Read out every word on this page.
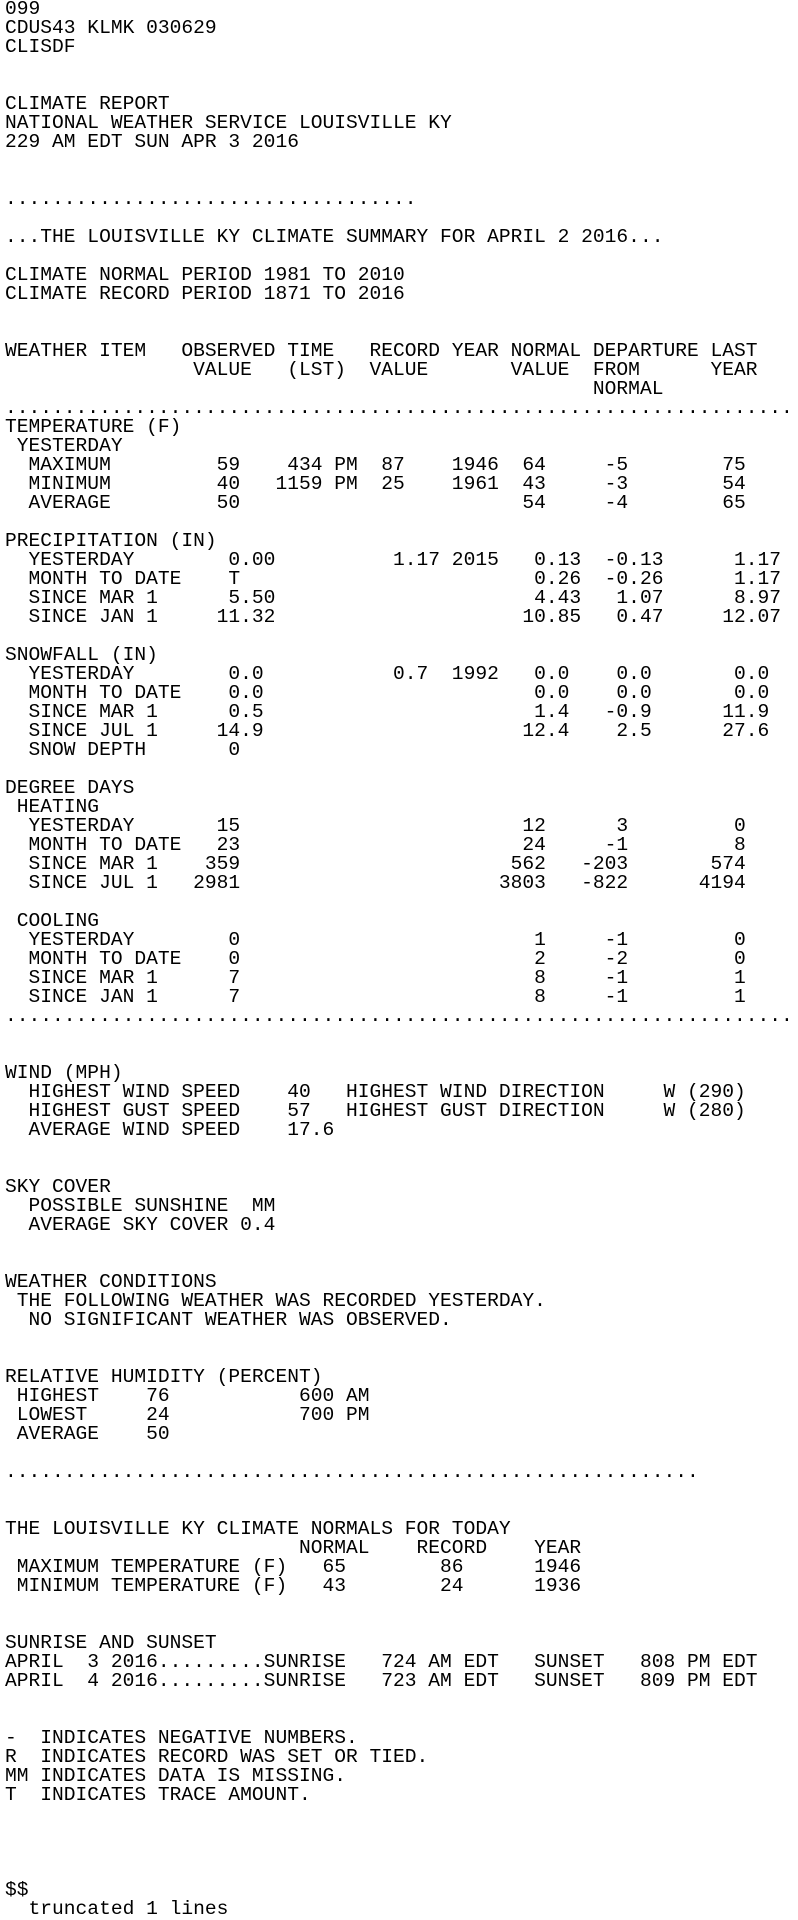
099
CDUS43 KLMK 030629
CLISDF
CLIMATE REPORT
NATIONAL WEATHER SERVICE LOUISVILLE KY
229 AM EDT SUN APR 3 2016
...................................
...THE LOUISVILLE KY CLIMATE SUMMARY FOR APRIL 2 2016...
CLIMATE NORMAL PERIOD 1981 TO 2010
CLIMATE RECORD PERIOD 1871 TO 2016
WEATHER ITEM   OBSERVED TIME   RECORD YEAR NORMAL DEPARTURE LAST
VALUE   (LST)  VALUE       VALUE  FROM      YEAR
NORMAL
...................................................................
TEMPERATURE (F)
YESTERDAY
MAXIMUM         59    434 PM  87    1946  64     -5        75
MINIMUM         40   1159 PM  25    1961  43     -3        54
AVERAGE         50                        54     -4        65
PRECIPITATION (IN)
YESTERDAY        0.00          1.17 2015   0.13  -0.13      1.17
MONTH TO DATE    T                         0.26  -0.26      1.17
SINCE MAR 1      5.50                      4.43   1.07      8.97
SINCE JAN 1     11.32                     10.85   0.47     12.07
SNOWFALL (IN)
YESTERDAY        0.0           0.7  1992   0.0    0.0       0.0
MONTH TO DATE    0.0                       0.0    0.0       0.0
SINCE MAR 1      0.5                       1.4   -0.9      11.9
SINCE JUL 1     14.9                      12.4    2.5      27.6
SNOW DEPTH       0
DEGREE DAYS
HEATING
YESTERDAY       15                        12      3         0
MONTH TO DATE   23                        24     -1         8
SINCE MAR 1    359                       562   -203       574
SINCE JUL 1   2981                      3803   -822      4194
COOLING
YESTERDAY        0                         1     -1         0
MONTH TO DATE    0                         2     -2         0
SINCE MAR 1      7                         8     -1         1
SINCE JAN 1      7                         8     -1         1
...................................................................
WIND (MPH)
HIGHEST WIND SPEED    40   HIGHEST WIND DIRECTION     W (290)
HIGHEST GUST SPEED    57   HIGHEST GUST DIRECTION     W (280)
AVERAGE WIND SPEED    17.6
SKY COVER
POSSIBLE SUNSHINE  MM
AVERAGE SKY COVER 0.4
WEATHER CONDITIONS
THE FOLLOWING WEATHER WAS RECORDED YESTERDAY.
NO SIGNIFICANT WEATHER WAS OBSERVED.
RELATIVE HUMIDITY (PERCENT)
HIGHEST    76           600 AM
LOWEST     24           700 PM
AVERAGE    50
...........................................................
THE LOUISVILLE KY CLIMATE NORMALS FOR TODAY
NORMAL    RECORD    YEAR
MAXIMUM TEMPERATURE (F)   65        86      1946
MINIMUM TEMPERATURE (F)   43        24      1936
SUNRISE AND SUNSET
APRIL  3 2016.........SUNRISE   724 AM EDT   SUNSET   808 PM EDT
APRIL  4 2016.........SUNRISE   723 AM EDT   SUNSET   809 PM EDT
-  INDICATES NEGATIVE NUMBERS.
R  INDICATES RECORD WAS SET OR TIED.
MM INDICATES DATA IS MISSING.
T  INDICATES TRACE AMOUNT.
$$
truncated 1 lines
